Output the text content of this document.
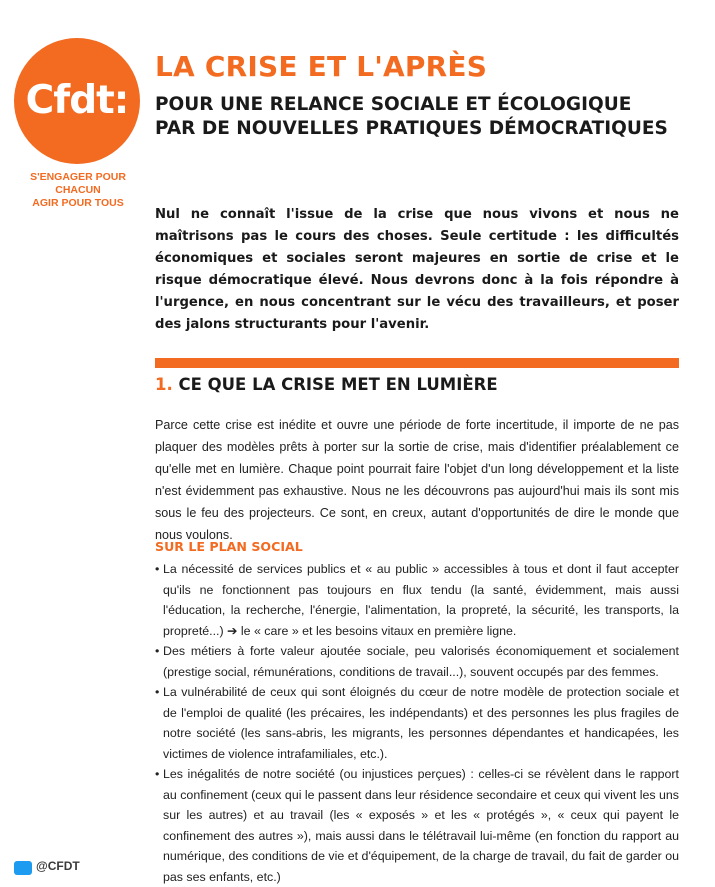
Cfdt:
S'ENGAGER POUR CHACUN
AGIR POUR TOUS
LA CRISE ET L'APRÈS
POUR UNE RELANCE SOCIALE ET ÉCOLOGIQUE
PAR DE NOUVELLES PRATIQUES DÉMOCRATIQUES

Nul ne connaît l'issue de la crise que nous vivons et nous ne maîtrisons pas le cours des choses. Seule certitude : les difficultés économiques et sociales seront majeures en sortie de crise et le risque démocratique élevé. Nous devrons donc à la fois répondre à l'urgence, en nous concentrant sur le vécu des travailleurs, et poser des jalons structurants pour l'avenir.

1. CE QUE LA CRISE MET EN LUMIÈRE

Parce cette crise est inédite et ouvre une période de forte incertitude, il importe de ne pas plaquer des modèles prêts à porter sur la sortie de crise, mais d'identifier préalablement ce qu'elle met en lumière. Chaque point pourrait faire l'objet d'un long développement et la liste n'est évidemment pas exhaustive. Nous ne les découvrons pas aujourd'hui mais ils sont mis sous le feu des projecteurs. Ce sont, en creux, autant d'opportunités de dire le monde que nous voulons.

SUR LE PLAN SOCIAL
• La nécessité de services publics et « au public » accessibles à tous et dont il faut accepter qu'ils ne fonctionnent pas toujours en flux tendu (la santé, évidemment, mais aussi l'éducation, la recherche, l'énergie, l'alimentation, la propreté, la sécurité, les transports, la propreté...) ➔ le « care » et les besoins vitaux en première ligne.
• Des métiers à forte valeur ajoutée sociale, peu valorisés économiquement et socialement (prestige social, rémunérations, conditions de travail...), souvent occupés par des femmes.
• La vulnérabilité de ceux qui sont éloignés du cœur de notre modèle de protection sociale et de l'emploi de qualité (les précaires, les indépendants) et des personnes les plus fragiles de notre société (les sans-abris, les migrants, les personnes dépendantes et handicapées, les victimes de violence intrafamiliales, etc.).
• Les inégalités de notre société (ou injustices perçues) : celles-ci se révèlent dans le rapport au confinement (ceux qui le passent dans leur résidence secondaire et ceux qui vivent les uns sur les autres) et au travail (les « exposés » et les « protégés », « ceux qui payent le confinement des autres »), mais aussi dans le télétravail lui-même (en fonction du rapport au numérique, des conditions de vie et d'équipement, de la charge de travail, du fait de garder ou pas ses enfants, etc.)
@CFDT
